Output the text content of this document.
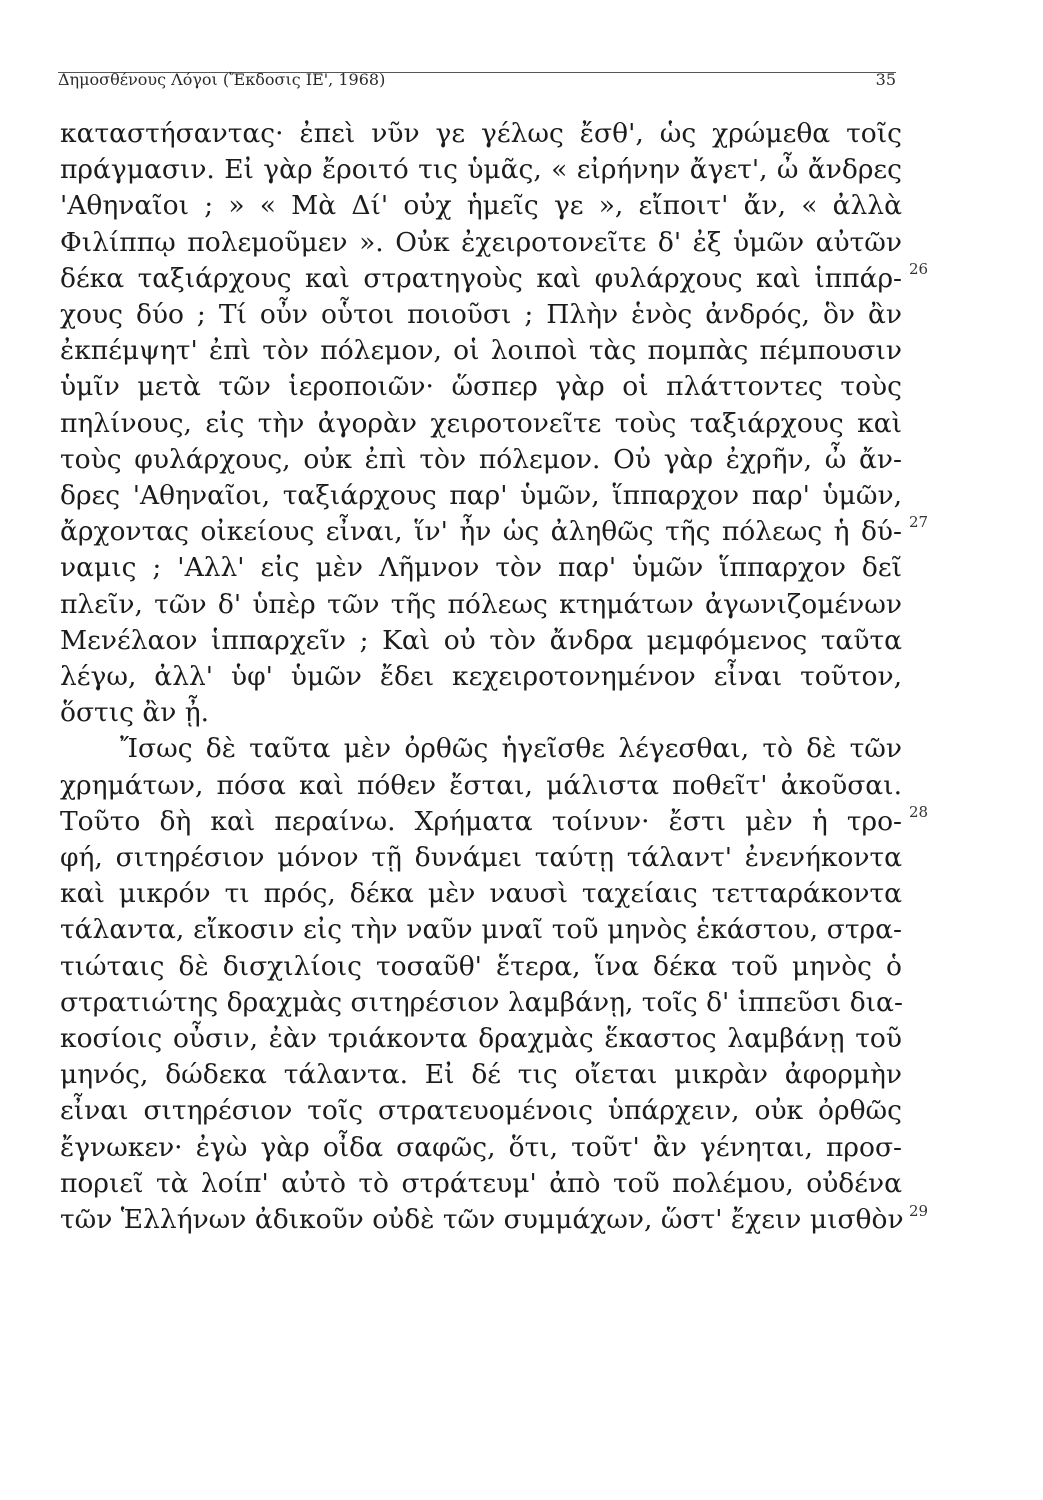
Δημοσθένους Λόγοι (Ἔκδοσις ΙΕ', 1968)	35
καταστήσαντας· ἐπεὶ νῦν γε γέλως ἔσθ', ὡς χρώμεθα τοῖς
πράγμασιν. Εἰ γὰρ ἔροιτό τις ὑμᾶς, « εἰρήνην ἄγετ', ὦ ἄνδρες
'Αθηναῖοι ; » « Μὰ Δί' οὐχ ἡμεῖς γε », εἴποιτ' ἄν, « ἀλλὰ
Φιλίππῳ πολεμοῦμεν ». Οὐκ ἐχειροτονεῖτε δ' ἐξ ὑμῶν αὐτῶν
δέκα ταξιάρχους καὶ στρατηγοὺς καὶ φυλάρχους καὶ ἱππάρ-
χους δύο ; Τί οὖν οὗτοι ποιοῦσι ; Πλὴν ἑνὸς ἀνδρός, ὃν ἂν
ἐκπέμψητ' ἐπὶ τὸν πόλεμον, οἱ λοιποὶ τὰς πομπὰς πέμπουσιν
ὑμῖν μετὰ τῶν ἱεροποιῶν· ὥσπερ γὰρ οἱ πλάττοντες τοὺς
πηλίνους, εἰς τὴν ἀγορὰν χειροτονεῖτε τοὺς ταξιάρχους καὶ
τοὺς φυλάρχους, οὐκ ἐπὶ τὸν πόλεμον. Οὐ γὰρ ἐχρῆν, ὦ ἄν-
δρες 'Αθηναῖοι, ταξιάρχους παρ' ὑμῶν, ἵππαρχον παρ' ὑμῶν,
ἄρχοντας οἰκείους εἶναι, ἵν' ἦν ὡς ἀληθῶς τῆς πόλεως ἡ δύ-
ναμις ; 'Αλλ' εἰς μὲν Λῆμνον τὸν παρ' ὑμῶν ἵππαρχον δεῖ
πλεῖν, τῶν δ' ὑπὲρ τῶν τῆς πόλεως κτημάτων ἀγωνιζομένων
Μενέλαον ἱππαρχεῖν ; Καὶ οὐ τὸν ἄνδρα μεμφόμενος ταῦτα
λέγω, ἀλλ' ὑφ' ὑμῶν ἔδει κεχειροτονημένον εἶναι τοῦτον,
ὅστις ἂν ᾖ.
Ἴσως δὲ ταῦτα μὲν ὀρθῶς ἡγεῖσθε λέγεσθαι, τὸ δὲ τῶν
χρημάτων, πόσα καὶ πόθεν ἔσται, μάλιστα ποθεῖτ' ἀκοῦσαι.
Τοῦτο δὴ καὶ περαίνω. Χρήματα τοίνυν· ἔστι μὲν ἡ τρο-
φή, σιτηρέσιον μόνον τῇ δυνάμει ταύτῃ τάλαντ' ἐνενήκοντα
καὶ μικρόν τι πρός, δέκα μὲν ναυσὶ ταχείαις τετταράκοντα
τάλαντα, εἴκοσιν εἰς τὴν ναῦν μναῖ τοῦ μηνὸς ἑκάστου, στρα-
τιώταις δὲ δισχιλίοις τοσαῦθ' ἕτερα, ἵνα δέκα τοῦ μηνὸς ὁ
στρατιώτης δραχμὰς σιτηρέσιον λαμβάνῃ, τοῖς δ' ἱππεῦσι δια-
κοσίοις οὖσιν, ἐὰν τριάκοντα δραχμὰς ἕκαστος λαμβάνῃ τοῦ
μηνός, δώδεκα τάλαντα. Εἰ δέ τις οἴεται μικρὰν ἀφορμὴν
εἶναι σιτηρέσιον τοῖς στρατευομένοις ὑπάρχειν, οὐκ ὀρθῶς
ἔγνωκεν· ἐγὼ γὰρ οἶδα σαφῶς, ὅτι, τοῦτ' ἂν γένηται, προσ-
ποριεῖ τὰ λοίπ' αὐτὸ τὸ στράτευμ' ἀπὸ τοῦ πολέμου, οὐδένα
τῶν Ἑλλήνων ἀδικοῦν οὐδὲ τῶν συμμάχων, ὥστ' ἔχειν μισθὸν
26
27
28
29
